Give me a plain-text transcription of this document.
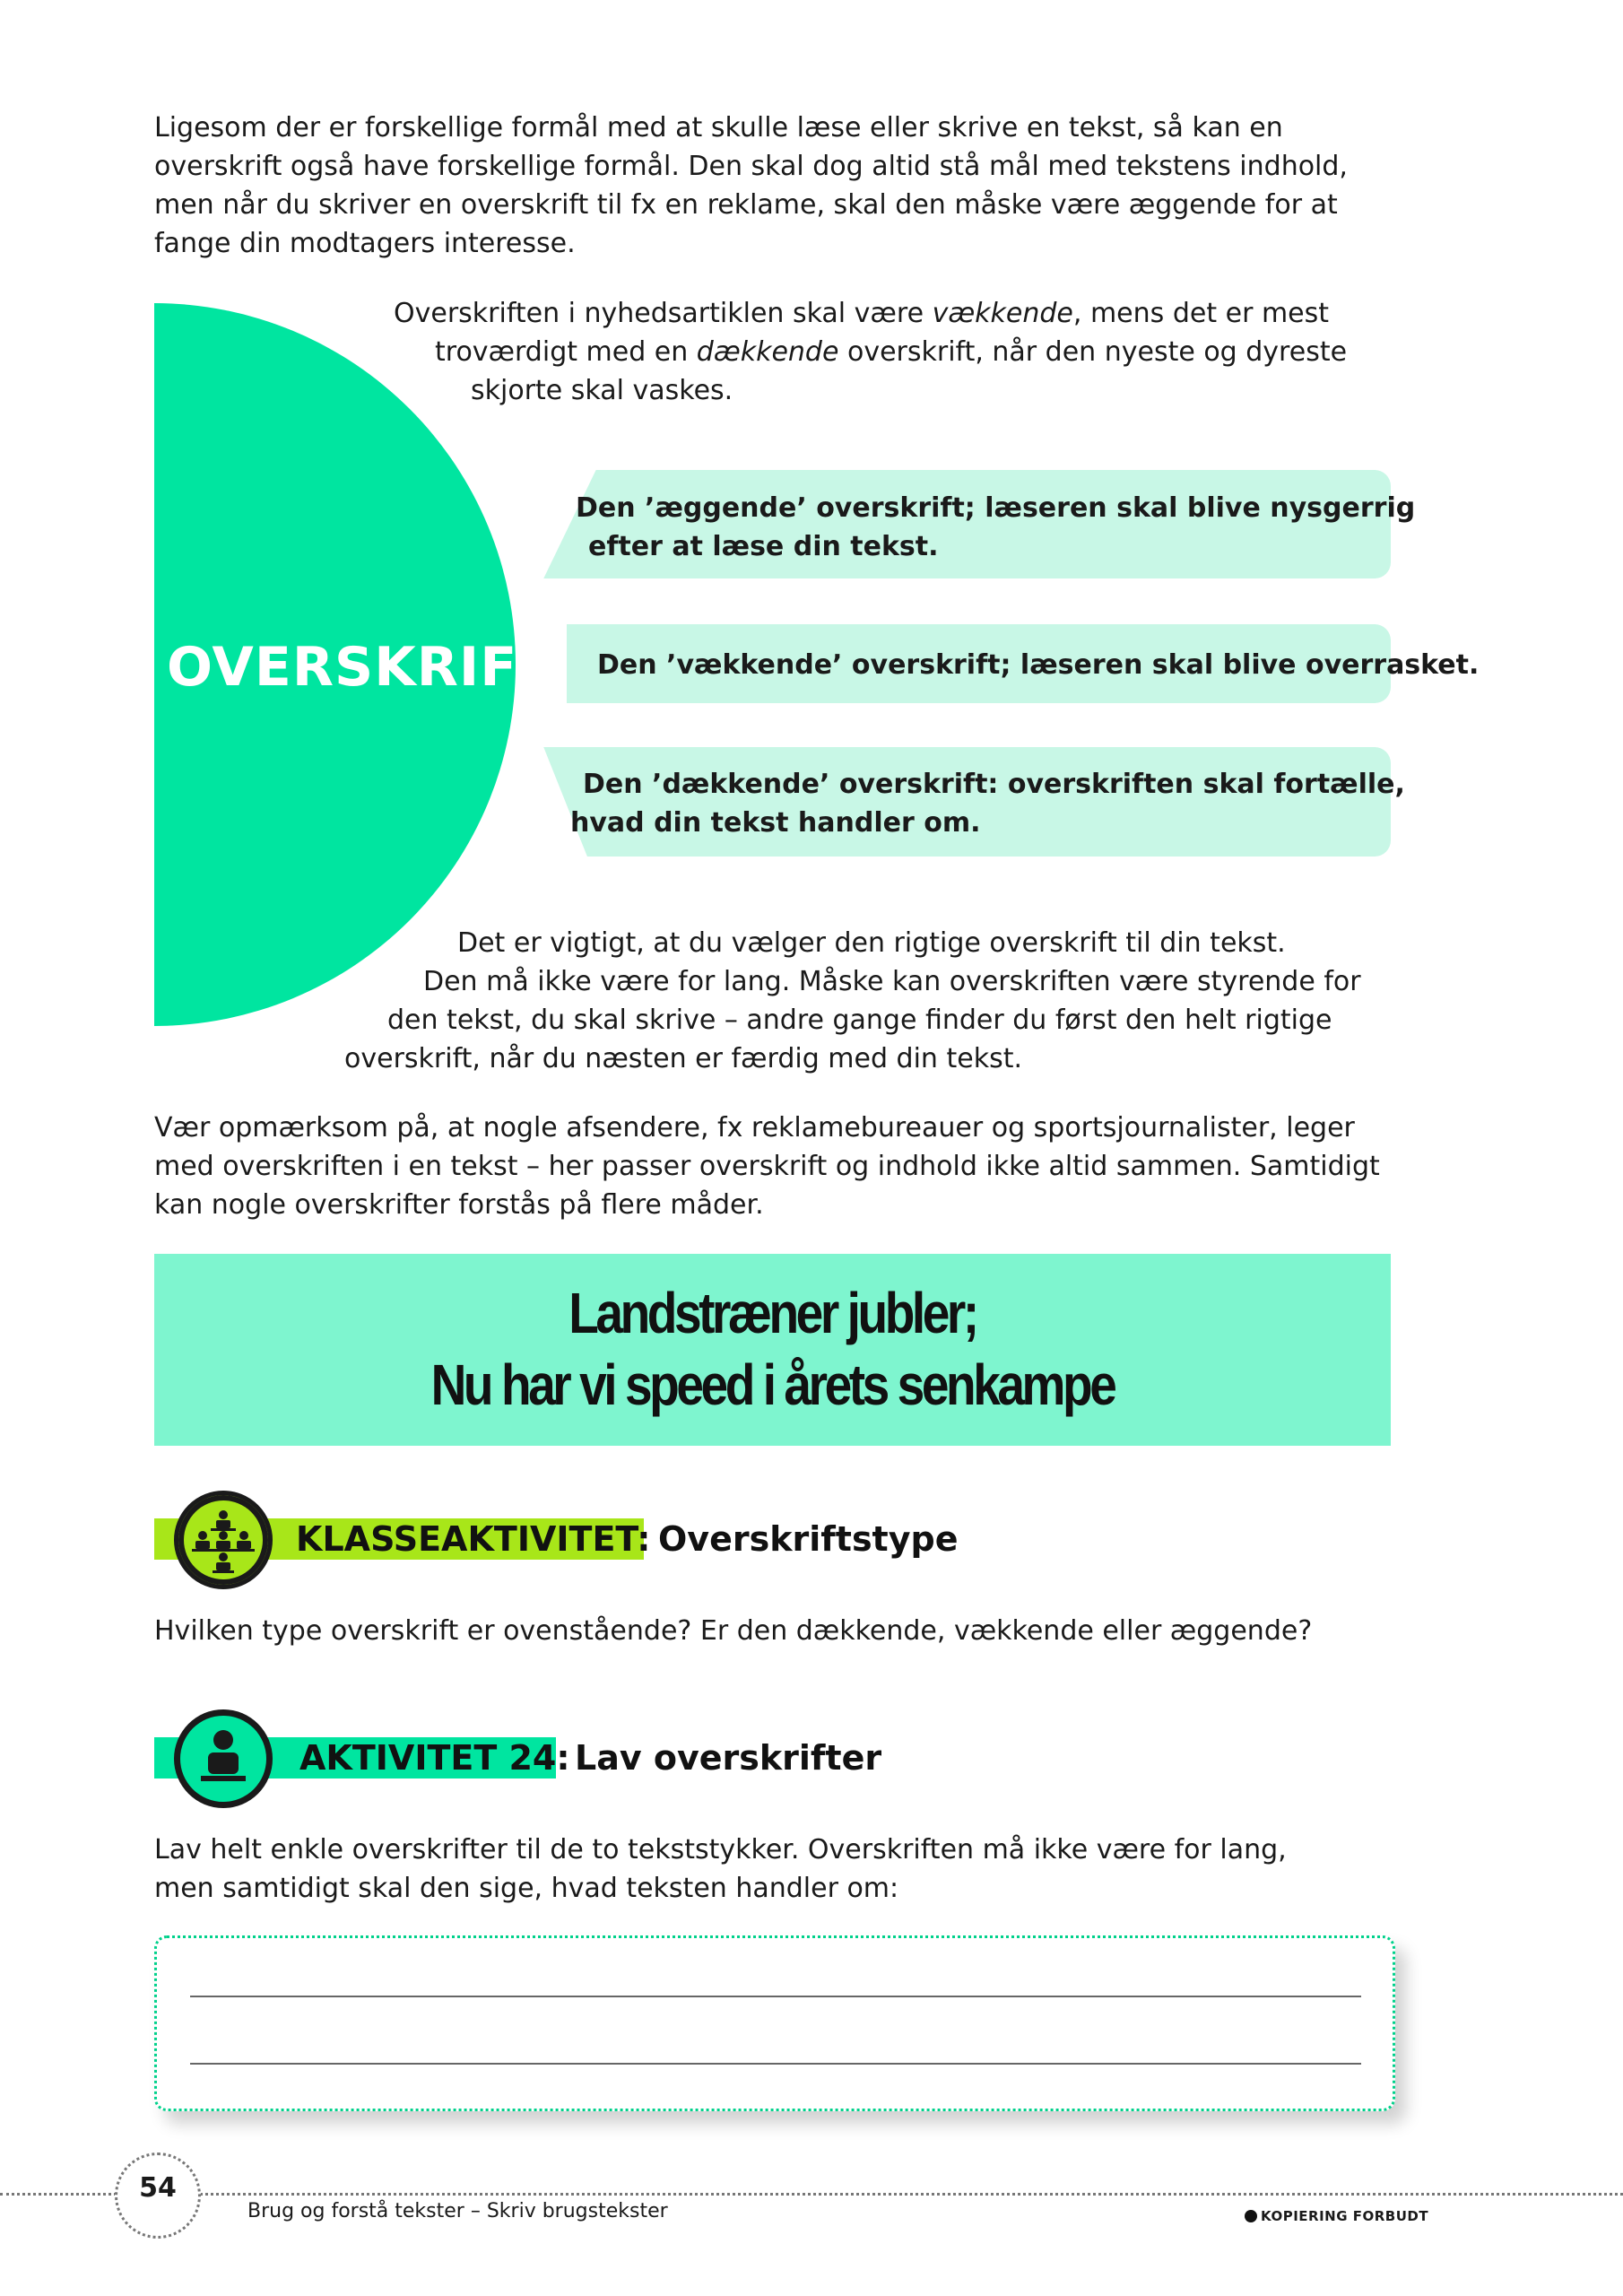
Ligesom der er forskellige formål med at skulle læse eller skrive en tekst, så kan en
overskrift også have forskellige formål. Den skal dog altid stå mål med tekstens indhold,
men når du skriver en overskrift til fx en reklame, skal den måske være æggende for at
fange din modtagers interesse.
OVERSKRIFT
Overskriften i nyhedsartiklen skal være vækkende, mens det er mest
troværdigt med en dækkende overskrift, når den nyeste og dyreste
skjorte skal vaskes.
Den ’æggende’ overskrift; læseren skal blive nysgerrig
efter at læse din tekst.
Den ’vækkende’ overskrift; læseren skal blive overrasket.
Den ’dækkende’ overskrift: overskriften skal fortælle,
hvad din tekst handler om.
Det er vigtigt, at du vælger den rigtige overskrift til din tekst.
Den må ikke være for lang. Måske kan overskriften være styrende for
den tekst, du skal skrive – andre gange finder du først den helt rigtige
overskrift, når du næsten er færdig med din tekst.
Vær opmærksom på, at nogle afsendere, fx reklamebureauer og sportsjournalister, leger
med overskriften i en tekst – her passer overskrift og indhold ikke altid sammen. Samtidigt
kan nogle overskrifter forstås på flere måder.
Landstræner jubler;
Nu har vi speed i årets senkampe
KLASSEAKTIVITET: Overskriftstype
Hvilken type overskrift er ovenstående? Er den dækkende, vækkende eller æggende?
AKTIVITET 24: Lav overskrifter
Lav helt enkle overskrifter til de to tekststykker. Overskriften må ikke være for lang,
men samtidigt skal den sige, hvad teksten handler om:
54
Brug og forstå tekster – Skriv brugstekster	KOPIERING FORBUDT
